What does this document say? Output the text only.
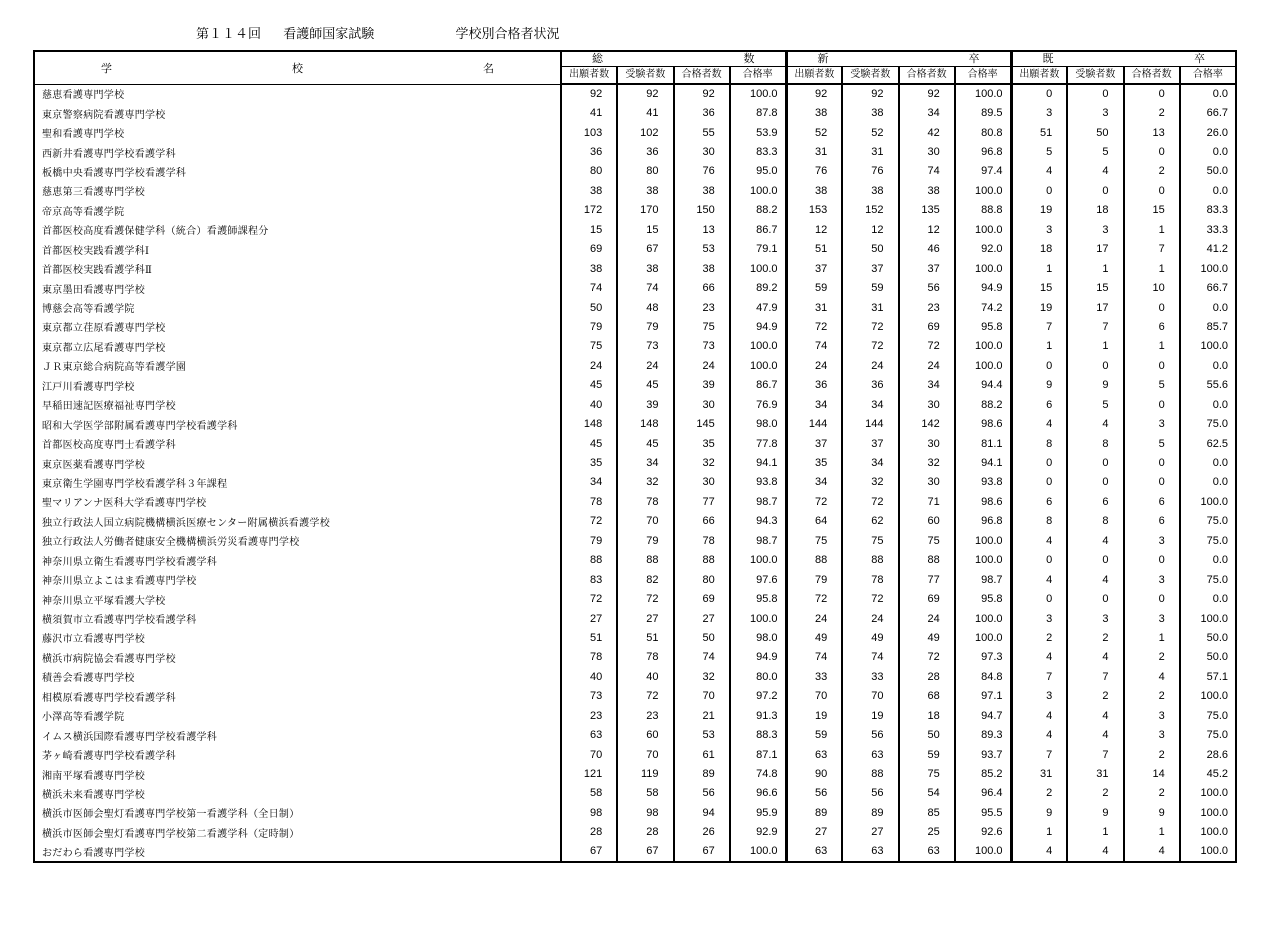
第１１４回 看護師国家試験	学校別合格者状況
学 校 名	総 数				新 卒				既 卒			

	出願者数	受験者数	合格者数	合格率	出願者数	受験者数	合格者数	合格率	出願者数	受験者数	合格者数	合格率
慈恵看護専門学校	92	92	92	100.0	92	92	92	100.0	0	0	0	0.0
東京警察病院看護専門学校	41	41	36	87.8	38	38	34	89.5	3	3	2	66.7
聖和看護専門学校	103	102	55	53.9	52	52	42	80.8	51	50	13	26.0
西新井看護専門学校看護学科	36	36	30	83.3	31	31	30	96.8	5	5	0	0.0
板橋中央看護専門学校看護学科	80	80	76	95.0	76	76	74	97.4	4	4	2	50.0
慈恵第三看護専門学校	38	38	38	100.0	38	38	38	100.0	0	0	0	0.0
帝京高等看護学院	172	170	150	88.2	153	152	135	88.8	19	18	15	83.3
首都医校高度看護保健学科（統合）看護師課程分	15	15	13	86.7	12	12	12	100.0	3	3	1	33.3
首都医校実践看護学科Ⅰ	69	67	53	79.1	51	50	46	92.0	18	17	7	41.2
首都医校実践看護学科Ⅱ	38	38	38	100.0	37	37	37	100.0	1	1	1	100.0
東京墨田看護専門学校	74	74	66	89.2	59	59	56	94.9	15	15	10	66.7
博慈会高等看護学院	50	48	23	47.9	31	31	23	74.2	19	17	0	0.0
東京都立荏原看護専門学校	79	79	75	94.9	72	72	69	95.8	7	7	6	85.7
東京都立広尾看護専門学校	75	73	73	100.0	74	72	72	100.0	1	1	1	100.0
ＪＲ東京総合病院高等看護学園	24	24	24	100.0	24	24	24	100.0	0	0	0	0.0
江戸川看護専門学校	45	45	39	86.7	36	36	34	94.4	9	9	5	55.6
早稲田速記医療福祉専門学校	40	39	30	76.9	34	34	30	88.2	6	5	0	0.0
昭和大学医学部附属看護専門学校看護学科	148	148	145	98.0	144	144	142	98.6	4	4	3	75.0
首都医校高度専門士看護学科	45	45	35	77.8	37	37	30	81.1	8	8	5	62.5
東京医薬看護専門学校	35	34	32	94.1	35	34	32	94.1	0	0	0	0.0
東京衛生学園専門学校看護学科３年課程	34	32	30	93.8	34	32	30	93.8	0	0	0	0.0
聖マリアンナ医科大学看護専門学校	78	78	77	98.7	72	72	71	98.6	6	6	6	100.0
独立行政法人国立病院機構横浜医療センター附属横浜看護学校	72	70	66	94.3	64	62	60	96.8	8	8	6	75.0
独立行政法人労働者健康安全機構横浜労災看護専門学校	79	79	78	98.7	75	75	75	100.0	4	4	3	75.0
神奈川県立衛生看護専門学校看護学科	88	88	88	100.0	88	88	88	100.0	0	0	0	0.0
神奈川県立よこはま看護専門学校	83	82	80	97.6	79	78	77	98.7	4	4	3	75.0
神奈川県立平塚看護大学校	72	72	69	95.8	72	72	69	95.8	0	0	0	0.0
横須賀市立看護専門学校看護学科	27	27	27	100.0	24	24	24	100.0	3	3	3	100.0
藤沢市立看護専門学校	51	51	50	98.0	49	49	49	100.0	2	2	1	50.0
横浜市病院協会看護専門学校	78	78	74	94.9	74	74	72	97.3	4	4	2	50.0
積善会看護専門学校	40	40	32	80.0	33	33	28	84.8	7	7	4	57.1
相模原看護専門学校看護学科	73	72	70	97.2	70	70	68	97.1	3	2	2	100.0
小澤高等看護学院	23	23	21	91.3	19	19	18	94.7	4	4	3	75.0
イムス横浜国際看護専門学校看護学科	63	60	53	88.3	59	56	50	89.3	4	4	3	75.0
茅ヶ崎看護専門学校看護学科	70	70	61	87.1	63	63	59	93.7	7	7	2	28.6
湘南平塚看護専門学校	121	119	89	74.8	90	88	75	85.2	31	31	14	45.2
横浜未来看護専門学校	58	58	56	96.6	56	56	54	96.4	2	2	2	100.0
横浜市医師会聖灯看護専門学校第一看護学科（全日制）	98	98	94	95.9	89	89	85	95.5	9	9	9	100.0
横浜市医師会聖灯看護専門学校第二看護学科（定時制）	28	28	26	92.9	27	27	25	92.6	1	1	1	100.0
おだわら看護専門学校	67	67	67	100.0	63	63	63	100.0	4	4	4	100.0
